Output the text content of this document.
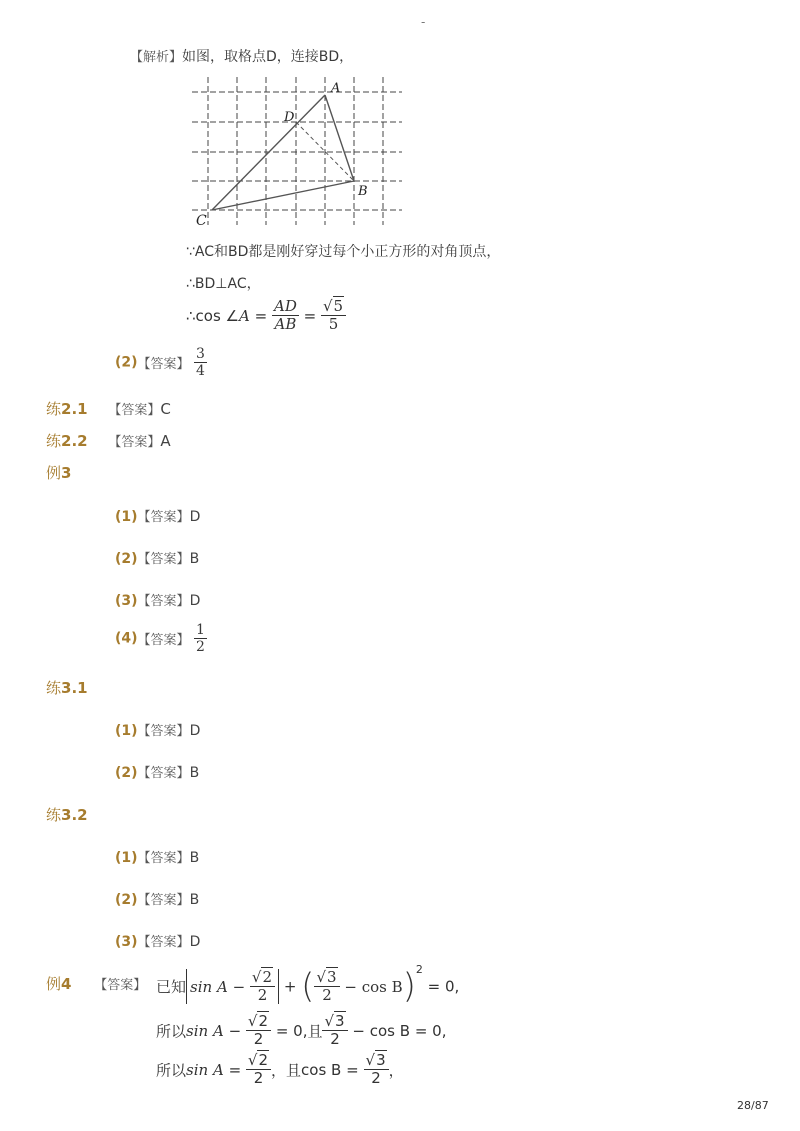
-
【解析】如图，取格点D，连接BD，
A
D
B
C
∵AC和BD都是刚好穿过每个小正方形的对角顶点，
∴BD⊥AC，
∴cos ∠A = $\frac{AD}{AB} = \frac{√5}{5}$
(2)【答案】 $\frac{3}{4}$
练2.1 【答案】C
练2.2 【答案】A
例3
(1)【答案】D
(2)【答案】B
(3)【答案】D
(4)【答案】 $\frac{1}{2}$
练3.1
(1)【答案】D
(2)【答案】B
练3.2
(1)【答案】B
(2)【答案】B
(3)【答案】D
例4 【答案】 已知 $\sin A - \frac{√2}{2}$ + ( $\frac{√3}{2} - \cos B)^2 = 0$,
所以$\sin A - \frac{√2}{2} = 0$,且 $\frac{√3}{2} - \cos B = 0$,
所以$\sin A = \frac{√2}{2}$ ，且$\cos B = \frac{√3}{2}$ ，
28/87
